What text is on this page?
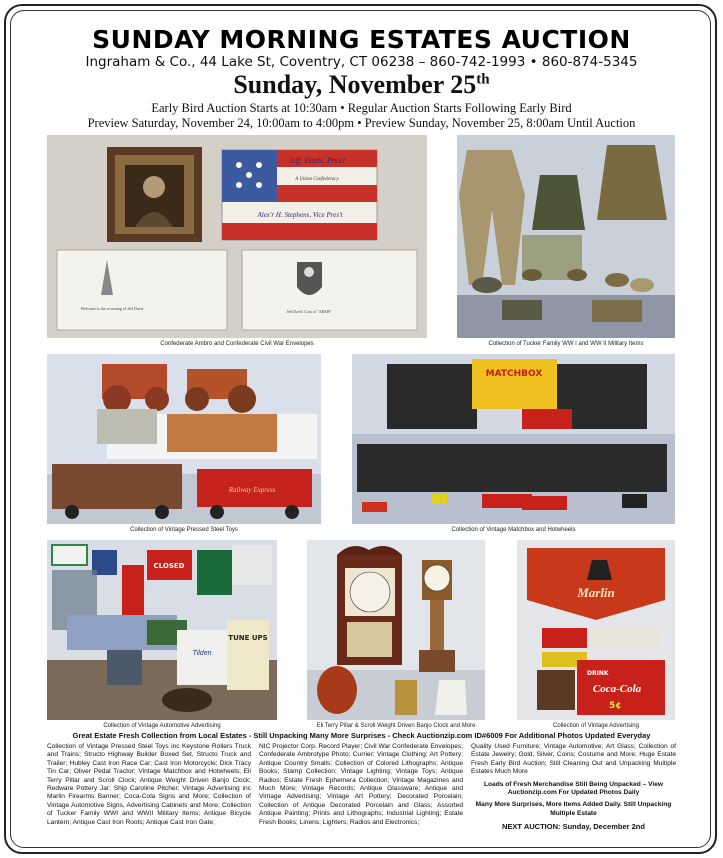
SUNDAY MORNING ESTATES AUCTION
Ingraham & Co., 44 Lake St, Coventry, CT 06238 – 860-742-1993 • 860-874-5345
Sunday, November 25th
Early Bird Auction Starts at 10:30am • Regular Auction Starts Following Early Bird
Preview Saturday, November 24, 10:00am to 4:00pm • Preview Sunday, November 25, 8:00am Until Auction
Jeff. Davis, Pres't
A Union Confederacy
Alex'r H. Stephens, Vice Pres't
Welcome to the crowning of Jeff Davis
Jeff Davis' Coat of "ARMS"
Confederate Ambro and Confederate Civil War Envelopes	Collection of Tucker Family WW I and WW II Military Items
Railway Express
Collection of Vintage Pressed Steel Toys
MATCHBOX
Collection of Vintage Matchbox and Hotwheels
CLOSED
Tilden
TUNE UPS
Collection of Vintage Automotive Advertising	Eli Terry Pillar & Scroll Weight Driven Banjo Clock and More
Marlin
DRINK
Coca-Cola
5¢
Collection of Vintage Advertising
Great Estate Fresh Collection from Local Estates - Still Unpacking Many More Surprises - Check Auctionzip.com ID#6009 For Additional Photos Updated Everyday
Collection of Vintage Pressed Steel Toys inc Keystone Rollers Truck and Trains; Structo Highway Builder Boxed Set, Structo Truck and Trailer; Hubley Cast Iron Race Car; Cast Iron Motorcycle; Dick Tracy Tin Car; Oliver Pedal Tractor; Vintage Matchbox and Hotwheels; Eli Terry Pillar and Scroll Clock; Antique Weight Driven Banjo Clock; Redware Pottery Jar; Ship Caroline Pitcher; Vintage Advertising inc Marlin Firearms Banner; Coca-Cola Signs and More; Collection of Vintage Automotive Signs, Advertising Cabinets and More; Collection of Tucker Family WWI and WWII Military Items; Antique Bicycle Lantern; Antique Cast Iron Roots; Antique Cast Iron Gate;
NIC Projector Corp. Record Player; Civil War Confederate Envelopes; Confederate Ambrotype Photo; Currier; Vintage Clothing; Art Pottery; Antique Country Smalls; Collection of Colored Lithographs; Antique Books; Stamp Collection; Vintage Lighting; Vintage Toys; Antique Radios; Estate Fresh Ephemera Collection; Vintage Magazines and Much More; Vintage Records; Antique Glassware; Antique and Vintage Advertising; Vintage Art Pottery; Decorated Porcelain; Collection of Antique Decorated Porcelain and Glass; Assorted Antique Painting; Prints and Lithographs; Industrial Lighting; Estate Fresh Books; Linens; Lighters; Radios and Electronics;
Quality Used Furniture; Vintage Automotive; Art Glass; Collection of Estate Jewelry; Gold, Silver, Coins; Costume and More; Huge Estate Fresh Early Bird Auction; Still Cleaning Out and Unpacking Multiple Estates Much More
Loads of Fresh Merchandise Still Being Unpacked – View Auctionzip.com For Updated Photos Daily
Many More Surprises, More Items Added Daily. Still Unpacking Multiple Estate
NEXT AUCTION: Sunday, December 2nd
